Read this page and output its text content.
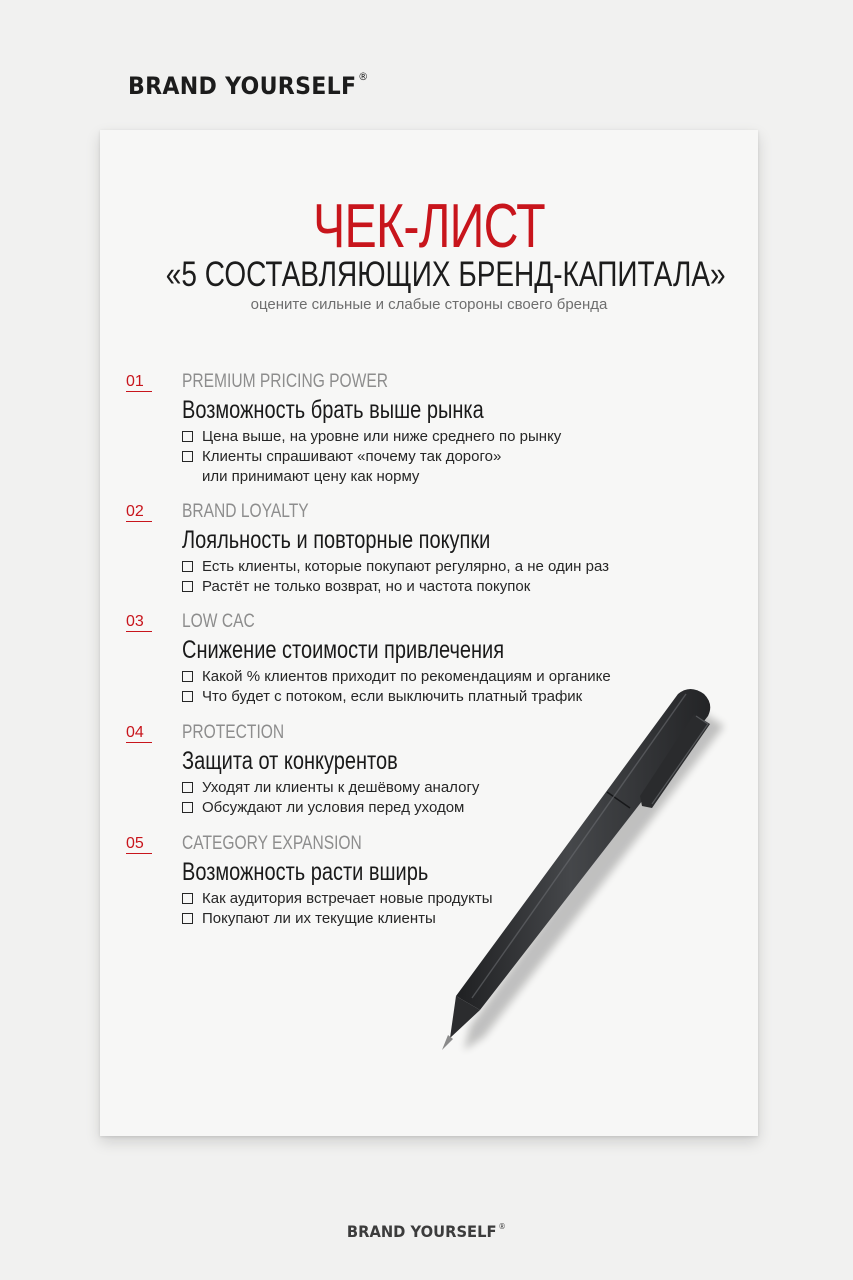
BRAND YOURSELF ®
ЧЕК-ЛИСТ
«5 СОСТАВЛЯЮЩИХ БРЕНД-КАПИТАЛА»
оцените сильные и слабые стороны своего бренда
01	PREMIUM PRICING POWER
Возможность брать выше рынка
Цена выше, на уровне или ниже среднего по рынку
Клиенты спрашивают «почему так дорого»
или принимают цену как норму
02	BRAND LOYALTY
Лояльность и повторные покупки
Есть клиенты, которые покупают регулярно, а не один раз
Растёт не только возврат, но и частота покупок
03	LOW CAC
Снижение стоимости привлечения
Какой % клиентов приходит по рекомендациям и органике
Что будет с потоком, если выключить платный трафик
04	PROTECTION
Защита от конкурентов
Уходят ли клиенты к дешёвому аналогу
Обсуждают ли условия перед уходом
05	CATEGORY EXPANSION
Возможность расти вширь
Как аудитория встречает новые продукты
Покупают ли их текущие клиенты
BRAND YOURSELF ®
